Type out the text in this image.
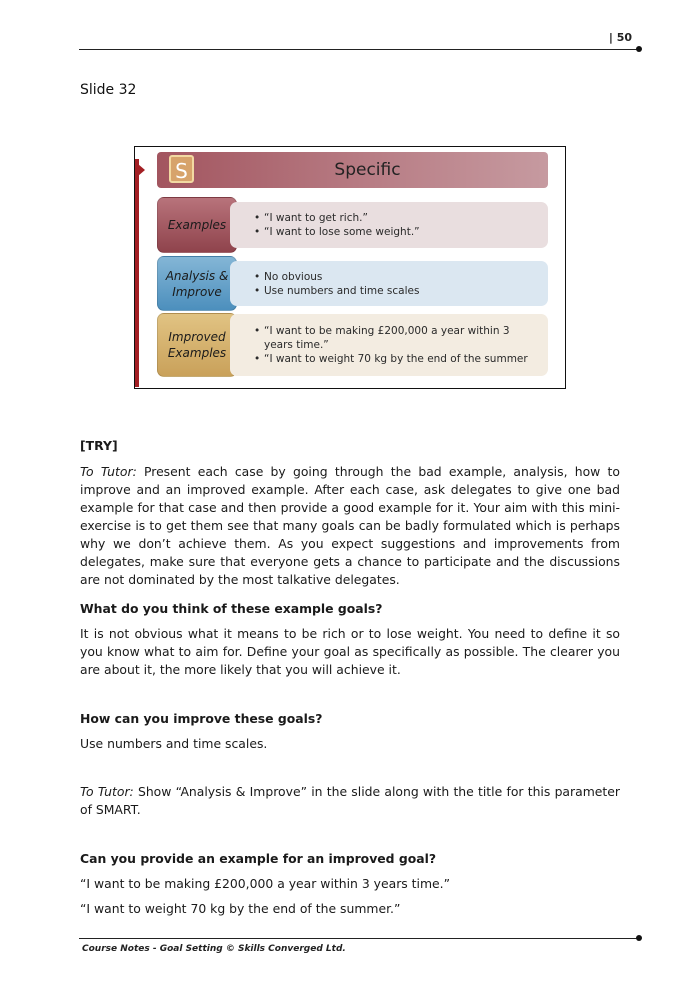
| 50
Slide 32
S	Specific
Examples
•	“I want to get rich.”
• “I want to lose some weight.”
Analysis & Improve
• No obvious
• Use numbers and time scales
Improved Examples
• “I want to be making £200,000 a year within 3 years time.”
• “I want to weight 70 kg by the end of the summer
[TRY]
To Tutor: Present each case by going through the bad example, analysis, how to improve and an improved example. After each case, ask delegates to give one bad example for that case and then provide a good example for it. Your aim with this mini-exercise is to get them see that many goals can be badly formulated which is perhaps why we don’t achieve them. As you expect suggestions and improvements from delegates, make sure that everyone gets a chance to participate and the discussions are not dominated by the most talkative delegates.
What do you think of these example goals?
It is not obvious what it means to be rich or to lose weight. You need to define it so you know what to aim for. Define your goal as specifically as possible. The clearer you are about it, the more likely that you will achieve it.
How can you improve these goals?
Use numbers and time scales.
To Tutor: Show “Analysis & Improve” in the slide along with the title for this parameter of SMART.
Can you provide an example for an improved goal?
“I want to be making £200,000 a year within 3 years time.”
“I want to weight 70 kg by the end of the summer.”
Course Notes - Goal Setting © Skills Converged Ltd.
